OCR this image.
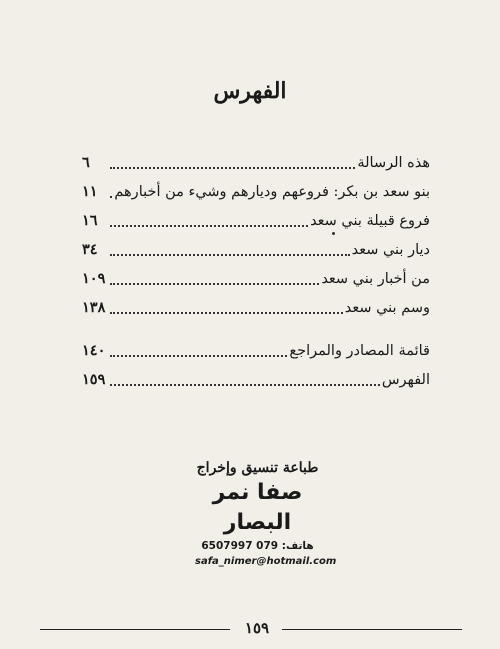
الفهرس
هذه الرسالة
٦
بنو سعد بن بكر: فروعهم وديارهم وشيء من أخبارهم
١١
فروع قبيلة بني سعد
١٦
ديار بني سعد
٣٤
من أخبار بني سعد
١٠٩
وسم بني سعد
١٣٨
قائمة المصادر والمراجع
١٤٠
الفهرس
١٥٩
طباعة تنسيق وإخراج
صفا نمر البصار
هاتف: 079 6507997
safa_nimer@hotmail.com
١٥٩
